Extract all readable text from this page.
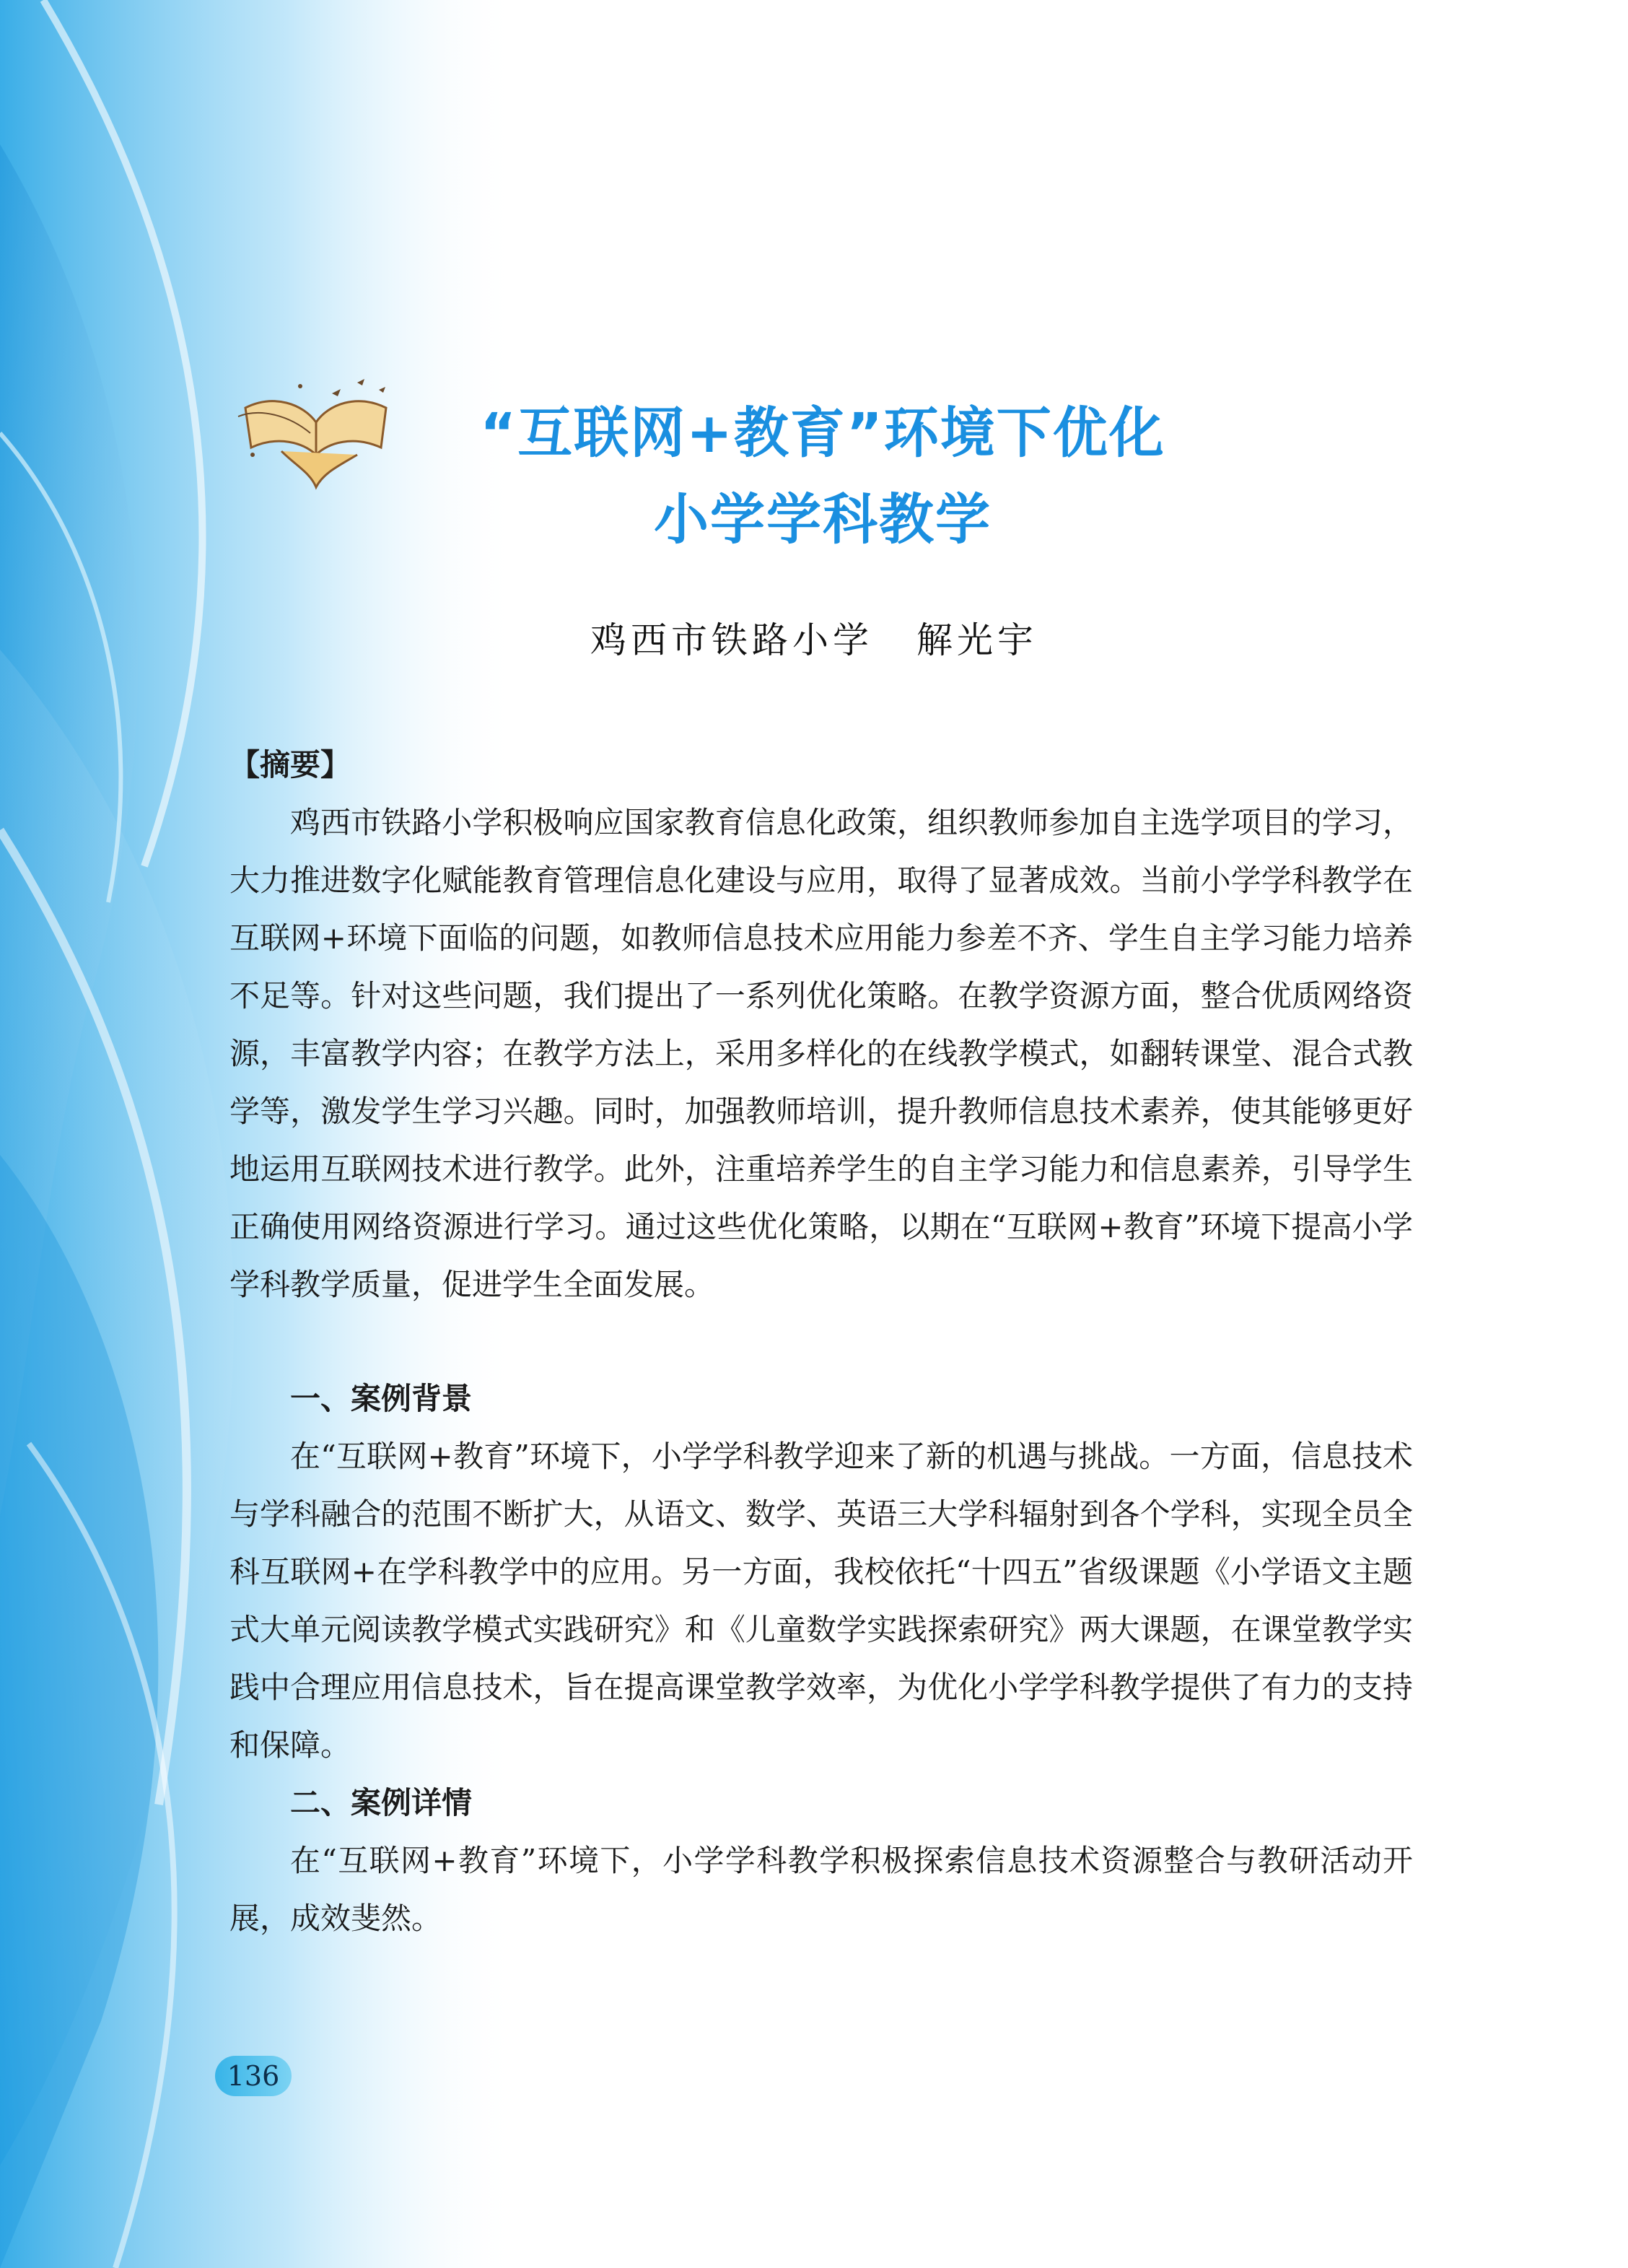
“互联网+教育”环境下优化
小学学科教学
鸡西市铁路小学 解光宇

【摘要】

鸡西市铁路小学积极响应国家教育信息化政策，组织教师参加自主选学项目的学习，大力推进数字化赋能教育管理信息化建设与应用，取得了显著成效。当前小学学科教学在互联网+环境下面临的问题，如教师信息技术应用能力参差不齐、学生自主学习能力培养不足等。针对这些问题，我们提出了一系列优化策略。在教学资源方面，整合优质网络资源，丰富教学内容；在教学方法上，采用多样化的在线教学模式，如翻转课堂、混合式教学等，激发学生学习兴趣。同时，加强教师培训，提升教师信息技术素养，使其能够更好地运用互联网技术进行教学。此外，注重培养学生的自主学习能力和信息素养，引导学生正确使用网络资源进行学习。通过这些优化策略，以期在“互联网+教育”环境下提高小学学科教学质量，促进学生全面发展。

一、案例背景

在“互联网+教育”环境下，小学学科教学迎来了新的机遇与挑战。一方面，信息技术与学科融合的范围不断扩大，从语文、数学、英语三大学科辐射到各个学科，实现全员全科互联网+在学科教学中的应用。另一方面，我校依托“十四五”省级课题《小学语文主题式大单元阅读教学模式实践研究》和《儿童数学实践探索研究》两大课题，在课堂教学实践中合理应用信息技术，旨在提高课堂教学效率，为优化小学学科教学提供了有力的支持和保障。

二、案例详情

在“互联网+教育”环境下，小学学科教学积极探索信息技术资源整合与教研活动开展，成效斐然。

136
